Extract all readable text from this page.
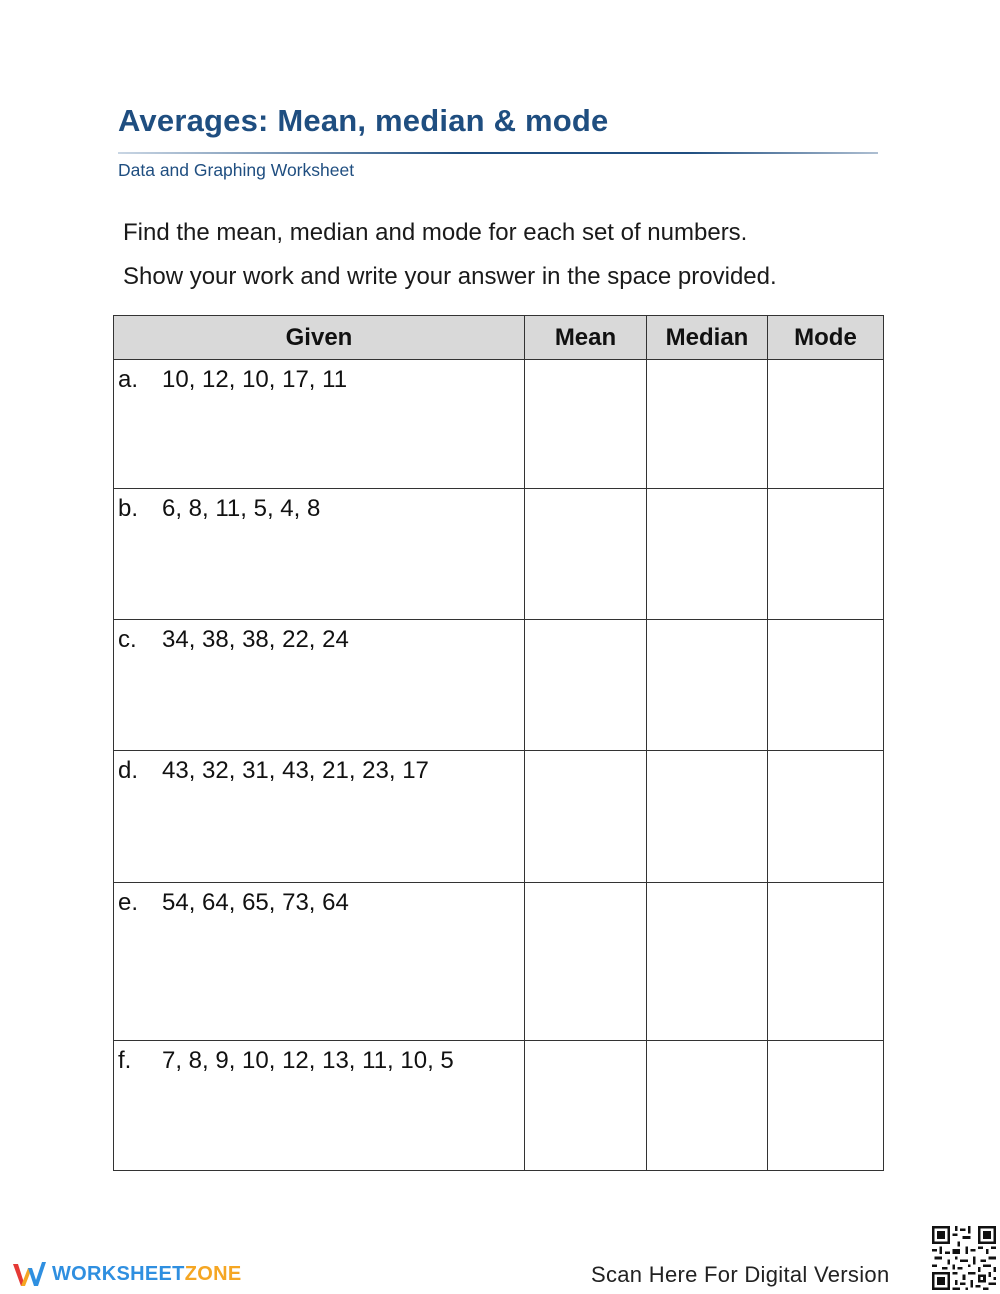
Averages: Mean, median & mode
Data and Graphing Worksheet
Find the mean, median and mode for each set of numbers.
Show your work and write your answer in the space provided.
Given	Mean	Median	Mode
a. 10, 12, 10, 17, 11			
b. 6, 8, 11, 5, 4, 8			
c. 34, 38, 38, 22, 24			
d. 43, 32, 31, 43, 21, 23, 17			
e. 54, 64, 65, 73, 64			
f. 7, 8, 9, 10, 12, 13, 11, 10, 5			
WORKSHEETZONE	Scan Here For Digital Version
